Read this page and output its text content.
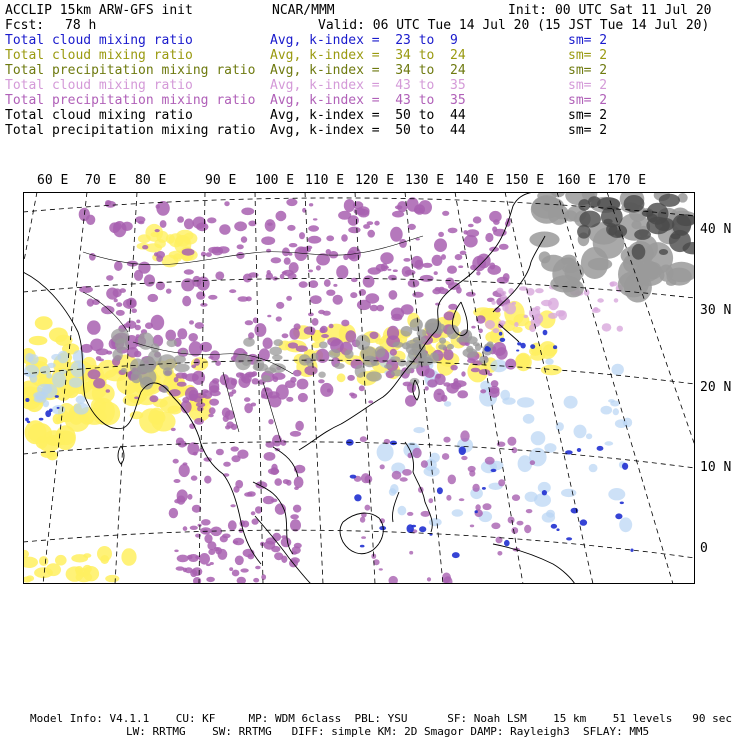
ACCLIP 15km ARW-GFS init	NCAR/MMM	Init: 00 UTC Sat 11 Jul 20
Fcst: 78 h	Valid: 06 UTC Tue 14 Jul 20 (15 JST Tue 14 Jul 20)
Total cloud mixing ratio	Avg, k-index =  23 to  9	sm= 2
Total cloud mixing ratio	Avg, k-index =  34 to  24	sm= 2
Total precipitation mixing ratio Avg, k-index =  34 to  24	sm= 2
Total cloud mixing ratio	Avg, k-index =  43 to  35	sm= 2
Total precipitation mixing ratio Avg, k-index =  43 to  35	sm= 2
Total cloud mixing ratio	Avg, k-index =  50 to  44	sm= 2
Total precipitation mixing ratio Avg, k-index =  50 to  44	sm= 2
60 E 70 E 80 E	90 E 100 E 110 E 120 E 130 E 140 E 150 E 160 E 170 E
40 N
30 N
20 N
10 N
0
Model Info: V4.1.1    CU: KF     MP: WDM 6class  PBL: YSU      SF: Noah LSM    15 km    51 levels   90 sec
LW: RRTMG    SW: RRTMG   DIFF: simple KM: 2D Smagor DAMP: Rayleigh3  SFLAY: MM5
